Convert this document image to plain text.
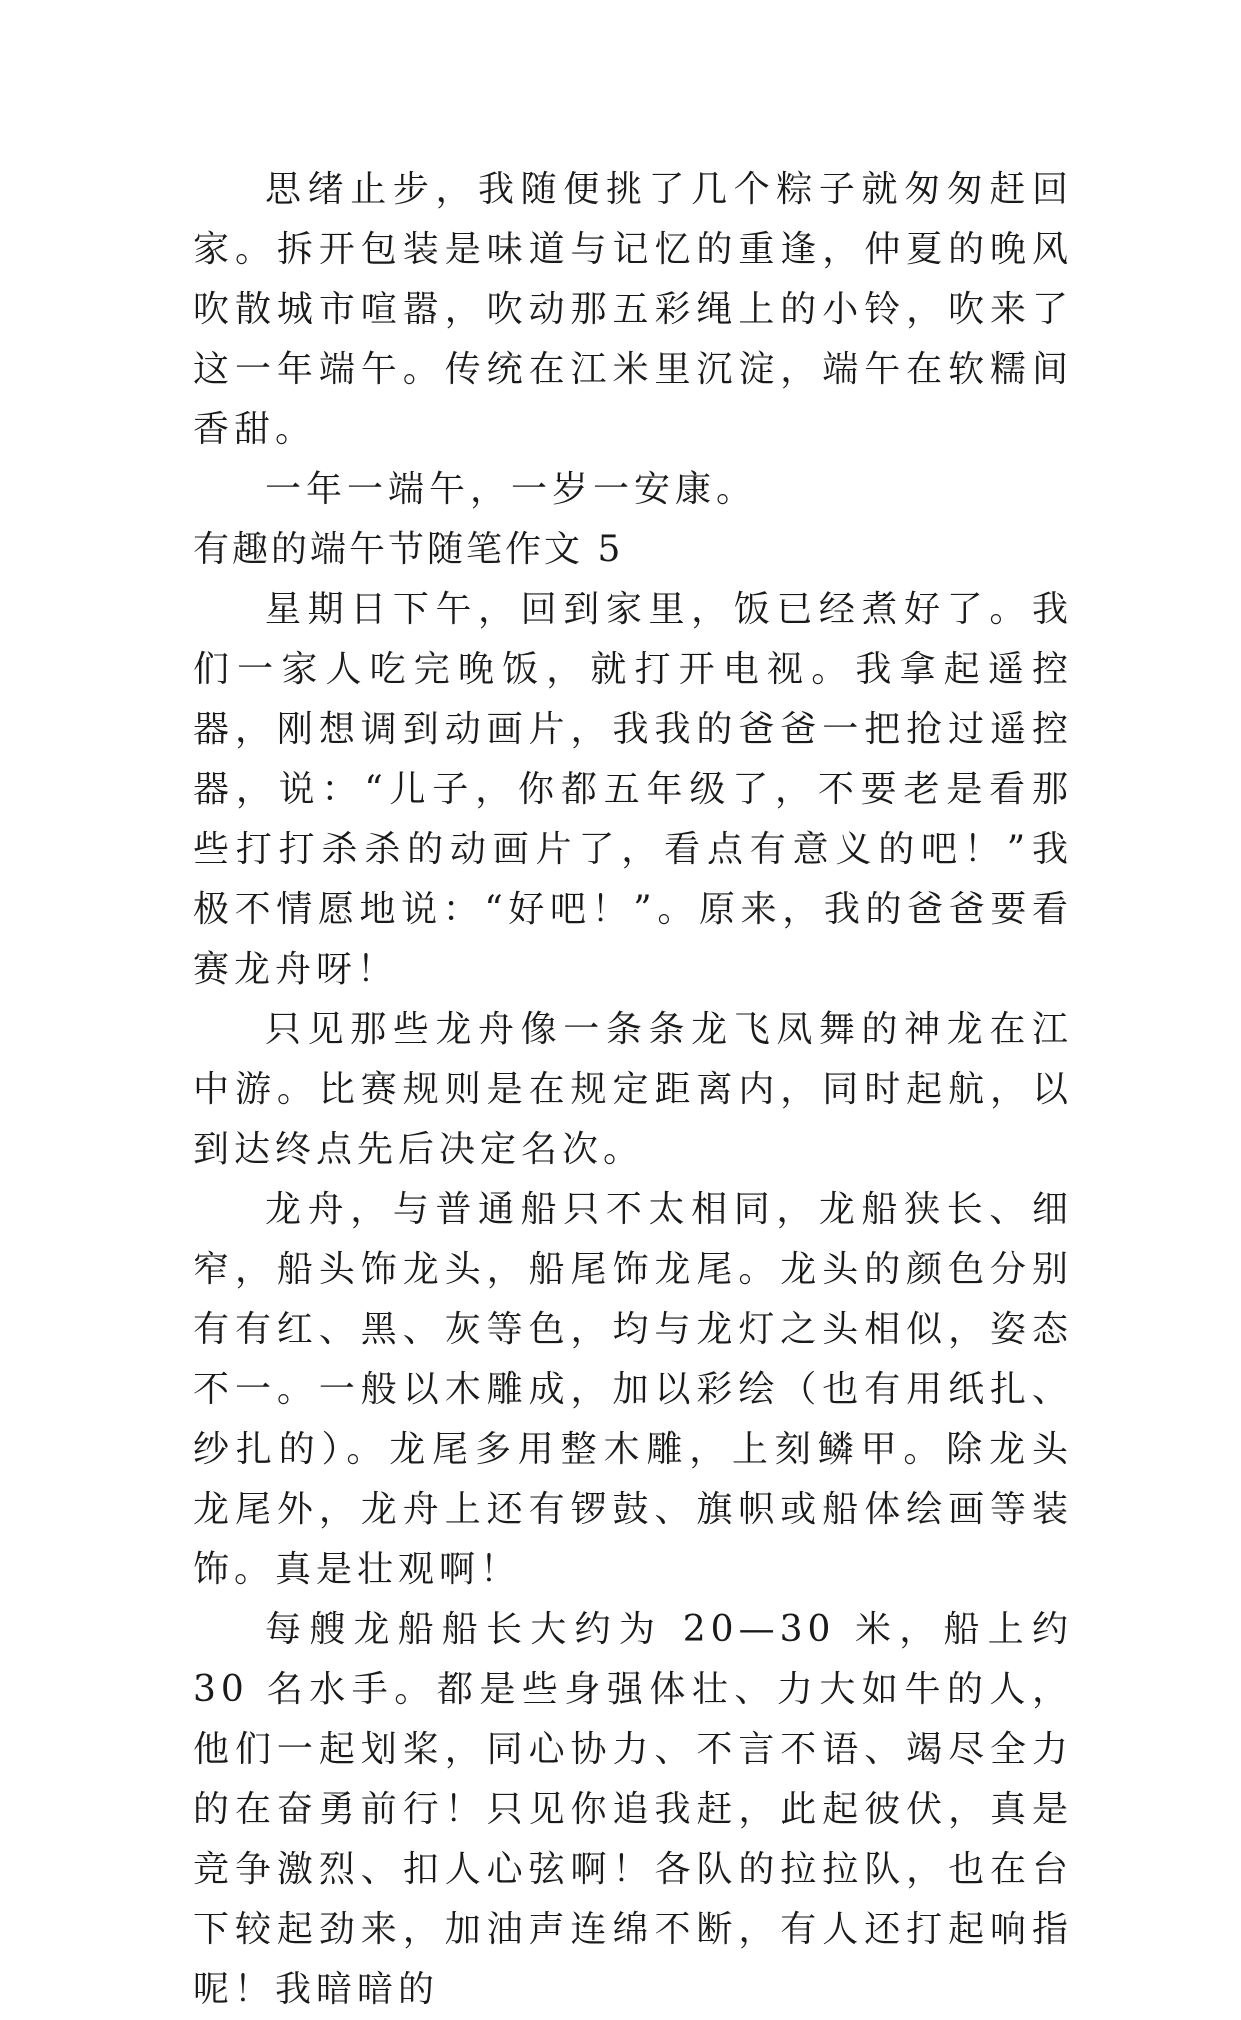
思绪止步，我随便挑了几个粽子就匆匆赶回家。拆开包装是味道与记忆的重逢，仲夏的晚风吹散城市喧嚣，吹动那五彩绳上的小铃，吹来了这一年端午。传统在江米里沉淀，端午在软糯间香甜。

一年一端午，一岁一安康。

有趣的端午节随笔作文 5

星期日下午，回到家里，饭已经煮好了。我们一家人吃完晚饭，就打开电视。我拿起遥控器，刚想调到动画片，我我的爸爸一把抢过遥控器，说：“儿子，你都五年级了，不要老是看那些打打杀杀的动画片了，看点有意义的吧！”我极不情愿地说：“好吧！”。原来，我的爸爸要看赛龙舟呀！

只见那些龙舟像一条条龙飞凤舞的神龙在江中游。比赛规则是在规定距离内，同时起航，以到达终点先后决定名次。

龙舟，与普通船只不太相同，龙船狭长、细窄，船头饰龙头，船尾饰龙尾。龙头的颜色分别有有红、黑、灰等色，均与龙灯之头相似，姿态不一。一般以木雕成，加以彩绘（也有用纸扎、纱扎的）。龙尾多用整木雕，上刻鳞甲。除龙头龙尾外，龙舟上还有锣鼓、旗帜或船体绘画等装饰。真是壮观啊！

每艘龙船船长大约为 20—30 米，船上约 30 名水手。都是些身强体壮、力大如牛的人，他们一起划桨，同心协力、不言不语、竭尽全力的在奋勇前行！只见你追我赶，此起彼伏，真是竞争激烈、扣人心弦啊！各队的拉拉队，也在台下较起劲来，加油声连绵不断，有人还打起响指呢！我暗暗的
